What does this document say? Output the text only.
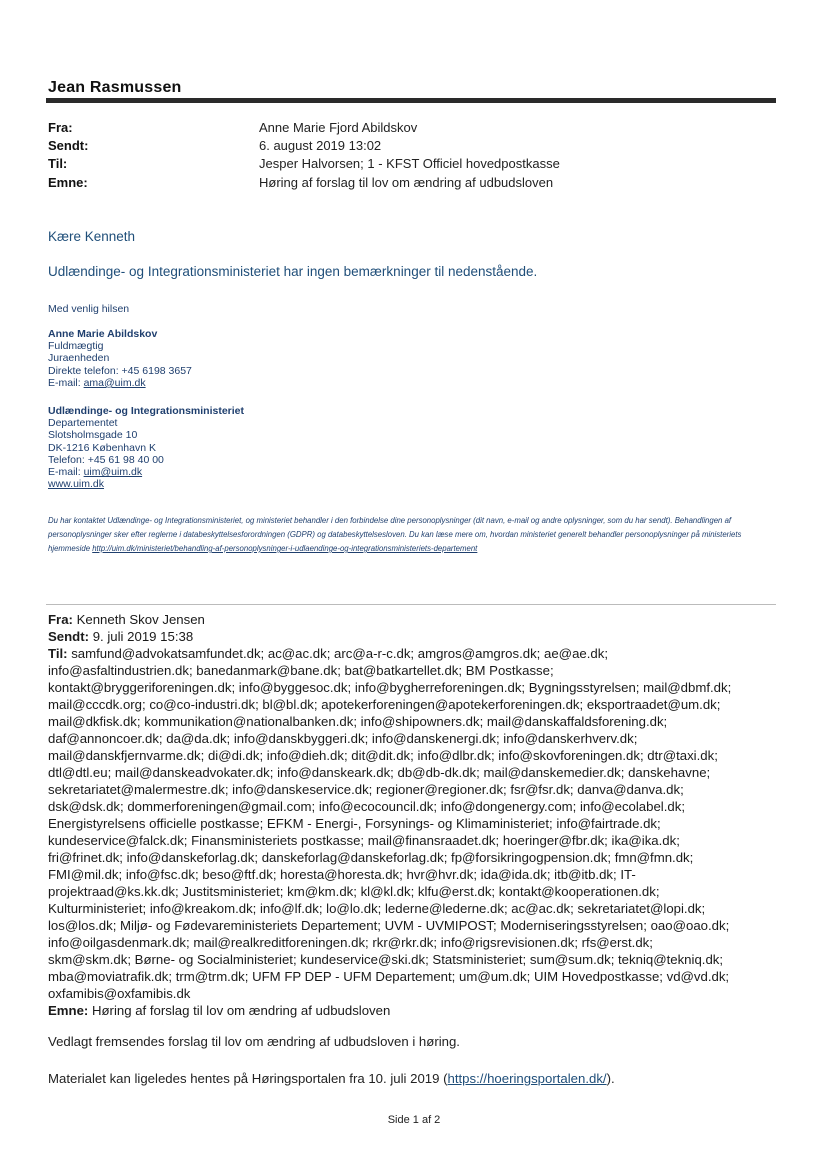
Jean Rasmussen
Fra:	Anne Marie Fjord Abildskov
Sendt:	6. august 2019 13:02
Til:	Jesper Halvorsen; 1 - KFST Officiel hovedpostkasse
Emne:	Høring af forslag til lov om ændring af udbudsloven
Kære Kenneth
Udlændinge- og Integrationsministeriet har ingen bemærkninger til nedenstående.
Med venlig hilsen
Anne Marie Abildskov
Fuldmægtig
Juraenheden
Direkte telefon: +45 6198 3657
E-mail: ama@uim.dk
Udlændinge- og Integrationsministeriet
Departementet
Slotsholmsgade 10
DK-1216 København K
Telefon: +45 61 98 40 00
E-mail: uim@uim.dk
www.uim.dk
Du har kontaktet Udlændinge- og Integrationsministeriet, og ministeriet behandler i den forbindelse dine personoplysninger (dit navn, e-mail og andre oplysninger, som du har sendt). Behandlingen af personoplysninger sker efter reglerne i databeskyttelsesforordningen (GDPR) og databeskyttelsesloven. Du kan læse mere om, hvordan ministeriet generelt behandler personoplysninger på ministeriets hjemmeside http://uim.dk/ministeriet/behandling-af-personoplysninger-i-udlaendinge-og-integrationsministeriets-departement
Fra: Kenneth Skov Jensen
Sendt: 9. juli 2019 15:38
Til: samfund@advokatsamfundet.dk; ac@ac.dk; arc@a-r-c.dk; amgros@amgros.dk; ae@ae.dk;
info@asfaltindustrien.dk; banedanmark@bane.dk; bat@batkartellet.dk; BM Postkasse;
kontakt@bryggeriforeningen.dk; info@byggesoc.dk; info@bygherreforeningen.dk; Bygningsstyrelsen; mail@dbmf.dk;
mail@cccdk.org; co@co-industri.dk; bl@bl.dk; apotekerforeningen@apotekerforeningen.dk; eksportraadet@um.dk;
mail@dkfisk.dk; kommunikation@nationalbanken.dk; info@shipowners.dk; mail@danskaffaldsforening.dk;
daf@annoncoer.dk; da@da.dk; info@danskbyggeri.dk; info@danskenergi.dk; info@danskerhverv.dk;
mail@danskfjernvarme.dk; di@di.dk; info@dieh.dk; dit@dit.dk; info@dlbr.dk; info@skovforeningen.dk; dtr@taxi.dk;
dtl@dtl.eu; mail@danskeadvokater.dk; info@danskeark.dk; db@db-dk.dk; mail@danskemedier.dk; danskehavne;
sekretariatet@malermestre.dk; info@danskeservice.dk; regioner@regioner.dk; fsr@fsr.dk; danva@danva.dk;
dsk@dsk.dk; dommerforeningen@gmail.com; info@ecocouncil.dk; info@dongenergy.com; info@ecolabel.dk;
Energistyrelsens officielle postkasse; EFKM - Energi-, Forsynings- og Klimaministeriet; info@fairtrade.dk;
kundeservice@falck.dk; Finansministeriets postkasse; mail@finansraadet.dk; hoeringer@fbr.dk; ika@ika.dk;
fri@frinet.dk; info@danskeforlag.dk; danskeforlag@danskeforlag.dk; fp@forsikringogpension.dk; fmn@fmn.dk;
FMI@mil.dk; info@fsc.dk; beso@ftf.dk; horesta@horesta.dk; hvr@hvr.dk; ida@ida.dk; itb@itb.dk; IT-
projektraad@ks.kk.dk; Justitsministeriet; km@km.dk; kl@kl.dk; klfu@erst.dk; kontakt@kooperationen.dk;
Kulturministeriet; info@kreakom.dk; info@lf.dk; lo@lo.dk; lederne@lederne.dk; ac@ac.dk; sekretariatet@lopi.dk;
los@los.dk; Miljø- og Fødevareministeriets Departement; UVM - UVMIPOST; Moderniseringsstyrelsen; oao@oao.dk;
info@oilgasdenmark.dk; mail@realkreditforeningen.dk; rkr@rkr.dk; info@rigsrevisionen.dk; rfs@erst.dk;
skm@skm.dk; Børne- og Socialministeriet; kundeservice@ski.dk; Statsministeriet; sum@sum.dk; tekniq@tekniq.dk;
mba@moviatrafik.dk; trm@trm.dk; UFM FP DEP - UFM Departement; um@um.dk; UIM Hovedpostkasse; vd@vd.dk;
oxfamibis@oxfamibis.dk
Emne: Høring af forslag til lov om ændring af udbudsloven
Vedlagt fremsendes forslag til lov om ændring af udbudsloven i høring.
Materialet kan ligeledes hentes på Høringsportalen fra 10. juli 2019 (https://hoeringsportalen.dk/).
Side 1 af 2
